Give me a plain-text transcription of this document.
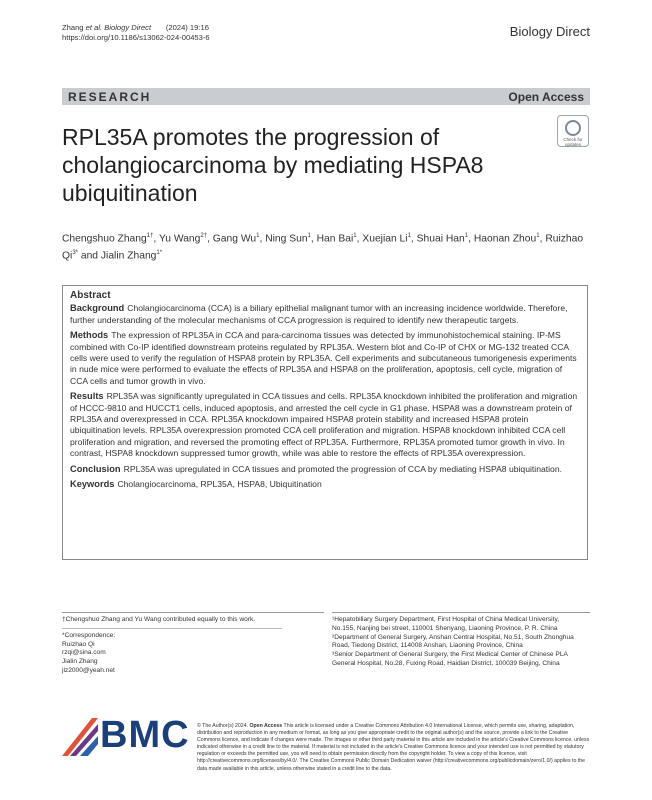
Zhang et al. Biology Direct (2024) 19:16
https://doi.org/10.1186/s13062-024-00453-6	Biology Direct
RESEARCH	Open Access
RPL35A promotes the progression of cholangiocarcinoma by mediating HSPA8 ubiquitination
Check for
updates
Chengshuo Zhang$^{1\dagger}$, Yu Wang$^{2\dagger}$, Gang Wu$^1$, Ning Sun$^1$, Han Bai$^1$, Xuejian Li$^1$, Shuai Han$^1$, Haonan Zhou$^1$, Ruizhao $Qi^{3*}$ and Jialin Zhang$^{1*}$
Abstract

Background Cholangiocarcinoma (CCA) is a biliary epithelial malignant tumor with an increasing incidence worldwide. Therefore, further understanding of the molecular mechanisms of CCA progression is required to identify new therapeutic targets.

Methods The expression of RPL35A in CCA and para-carcinoma tissues was detected by immunohistochemical staining. IP-MS combined with Co-IP identified downstream proteins regulated by RPL35A. Western blot and Co-IP of CHX or MG-132 treated CCA cells were used to verify the regulation of HSPA8 protein by RPL35A. Cell experiments and subcutaneous tumorigenesis experiments in nude mice were performed to evaluate the effects of RPL35A and HSPA8 on the proliferation, apoptosis, cell cycle, migration of CCA cells and tumor growth in vivo.

Results RPL35A was significantly upregulated in CCA tissues and cells. RPL35A knockdown inhibited the proliferation and migration of HCCC-9810 and HUCCT1 cells, induced apoptosis, and arrested the cell cycle in G1 phase. HSPA8 was a downstream protein of RPL35A and overexpressed in CCA. RPL35A knockdown impaired HSPA8 protein stability and increased HSPA8 protein ubiquitination levels. RPL35A overexpression promoted CCA cell proliferation and migration. HSPA8 knockdown inhibited CCA cell proliferation and migration, and reversed the promoting effect of RPL35A. Furthermore, RPL35A promoted tumor growth in vivo. In contrast, HSPA8 knockdown suppressed tumor growth, while was able to restore the effects of RPL35A overexpression.

Conclusion RPL35A was upregulated in CCA tissues and promoted the progression of CCA by mediating HSPA8 ubiquitination.

Keywords Cholangiocarcinoma, RPL35A, HSPA8, Ubiquitination

†Chengshuo Zhang and Yu Wang contributed equally to this work.
*Correspondence:
Ruizhao Qi
rzqi@sina.com
Jialin Zhang
jlz2000@yeah.net
¹Hepatobiliary Surgery Department, First Hospital of China Medical University, No.155, Nanjing bei street, 110001 Shenyang, Liaoning Province, P. R. China
²Department of General Surgery, Anshan Central Hospital, No.51, South Zhonghua Road, Tiedong District, 114008 Anshan, Liaoning Province, China
³Senior Department of General Surgery, the First Medical Center of Chinese PLA General Hospital, No.28, Fuxing Road, Haidian District, 100039 Beijing, China
BMC © The Author(s) 2024. Open Access This article is licensed under a Creative Commons Attribution 4.0 International License, which permits use, sharing, adaptation, distribution and reproduction in any medium or format, as long as you give appropriate credit to the original author(s) and the source, provide a link to the Creative Commons licence, and indicate if changes were made. The images or other third party material in this article are included in the article's Creative Commons licence, unless indicated otherwise in a credit line to the material. If material is not included in the article's Creative Commons licence and your intended use is not permitted by statutory regulation or exceeds the permitted use, you will need to obtain permission directly from the copyright holder. To view a copy of this licence, visit http://creativecommons.org/licenses/by/4.0/. The Creative Commons Public Domain Dedication waiver (http://creativecommons.org/publicdomain/zero/1.0/) applies to the data made available in this article, unless otherwise stated in a credit line to the data.
